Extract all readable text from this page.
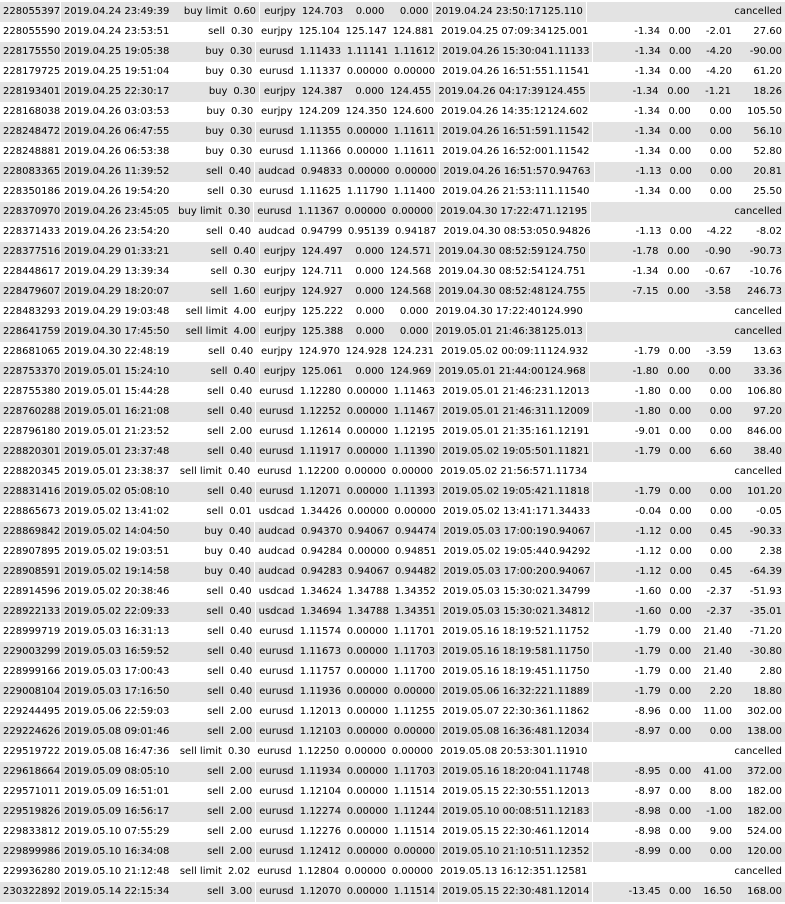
228055397 2019.04.24 23:49:39	buy limit 0.60 eurjpy 124.703	0.000	0.000 2019.04.24 23:50:17 125.110	cancelled
228055590 2019.04.24 23:53:51	sell 0.30 eurjpy 125.104 125.147 124.881 2019.04.25 07:09:34 125.001	-1.34 0.00	-2.01	27.60
228175550 2019.04.25 19:05:38	buy 0.30 eurusd 1.11433 1.11141 1.11612 2019.04.26 15:30:04 1.11133	-1.34 0.00	-4.20	-90.00
228179725 2019.04.25 19:51:04	buy 0.30 eurusd 1.11337 0.00000 0.00000 2019.04.26 16:51:55 1.11541	-1.34 0.00	-4.20	61.20
228193401 2019.04.25 22:30:17	buy 0.30 eurjpy 124.387	0.000 124.455 2019.04.26 04:17:39 124.455	-1.34 0.00	-1.21	18.26
228168038 2019.04.26 03:03:53	buy 0.30 eurjpy 124.209 124.350 124.600 2019.04.26 14:35:12 124.602	-1.34 0.00	0.00	105.50
228248472 2019.04.26 06:47:55	buy 0.30 eurusd 1.11355 0.00000 1.11611 2019.04.26 16:51:59 1.11542	-1.34 0.00	0.00	56.10
228248881 2019.04.26 06:53:38	buy 0.30 eurusd 1.11366 0.00000 1.11611 2019.04.26 16:52:00 1.11542	-1.34 0.00	0.00	52.80
228083365 2019.04.26 11:39:52	sell 0.40 audcad 0.94833 0.00000 0.00000 2019.04.26 16:51:57 0.94763	-1.13 0.00	0.00	20.81
228350186 2019.04.26 19:54:20	sell 0.30 eurusd 1.11625 1.11790 1.11400 2019.04.26 21:53:11 1.11540	-1.34 0.00	0.00	25.50
228370970 2019.04.26 23:45:05 buy limit 0.30 eurusd 1.11367 0.00000 0.00000 2019.04.30 17:22:47 1.12195	cancelled
228371433 2019.04.26 23:54:20	sell 0.40 audcad 0.94799 0.95139 0.94187 2019.04.30 08:53:05 0.94826	-1.13 0.00	-4.22	-8.02
228377516 2019.04.29 01:33:21	sell 0.40 eurjpy 124.497	0.000 124.571 2019.04.30 08:52:59 124.750	-1.78 0.00	-0.90	-90.73
228448617 2019.04.29 13:39:34	sell 0.30 eurjpy 124.711	0.000 124.568 2019.04.30 08:52:54 124.751	-1.34 0.00	-0.67	-10.76
228479607 2019.04.29 18:20:07	sell 1.60 eurjpy 124.927	0.000 124.568 2019.04.30 08:52:48 124.755	-7.15 0.00	-3.58	246.73
228483293 2019.04.29 19:03:48	sell limit 4.00 eurjpy 125.222	0.000	0.000 2019.04.30 17:22:40 124.990	cancelled
228641759 2019.04.30 17:45:50	sell limit 4.00 eurjpy 125.388	0.000	0.000 2019.05.01 21:46:38 125.013	cancelled
228681065 2019.04.30 22:48:19	sell 0.40 eurjpy 124.970 124.928 124.231 2019.05.02 00:09:11 124.932	-1.79 0.00	-3.59	13.63
228753370 2019.05.01 15:24:10	sell 0.40 eurjpy 125.061	0.000 124.969 2019.05.01 21:44:00 124.968	-1.80 0.00	0.00	33.36
228755380 2019.05.01 15:44:28	sell 0.40 eurusd 1.12280 0.00000 1.11463 2019.05.01 21:46:23 1.12013	-1.80 0.00	0.00	106.80
228760288 2019.05.01 16:21:08	sell 0.40 eurusd 1.12252 0.00000 1.11467 2019.05.01 21:46:31 1.12009	-1.80 0.00	0.00	97.20
228796180 2019.05.01 21:23:52	sell 2.00 eurusd 1.12614 0.00000 1.12195 2019.05.01 21:35:16 1.12191	-9.01 0.00	0.00	846.00
228820301 2019.05.01 23:37:48	sell 0.40 eurusd 1.11917 0.00000 1.11390 2019.05.02 19:05:50 1.11821	-1.79 0.00	6.60	38.40
228820345 2019.05.01 23:38:37	sell limit 0.40 eurusd 1.12200 0.00000 0.00000 2019.05.02 21:56:57 1.11734	cancelled
228831416 2019.05.02 05:08:10	sell 0.40 eurusd 1.12071 0.00000 1.11393 2019.05.02 19:05:42 1.11818	-1.79 0.00	0.00	101.20
228865673 2019.05.02 13:41:02	sell 0.01 usdcad 1.34426 0.00000 0.00000 2019.05.02 13:41:17 1.34433	-0.04 0.00	0.00	-0.05
228869842 2019.05.02 14:04:50	buy 0.40 audcad 0.94370 0.94067 0.94474 2019.05.03 17:00:19 0.94067	-1.12 0.00	0.45	-90.33
228907895 2019.05.02 19:03:51	buy 0.40 audcad 0.94284 0.00000 0.94851 2019.05.02 19:05:44 0.94292	-1.12 0.00	0.00	2.38
228908591 2019.05.02 19:14:58	buy 0.40 audcad 0.94283 0.94067 0.94482 2019.05.03 17:00:20 0.94067	-1.12 0.00	0.45	-64.39
228914596 2019.05.02 20:38:46	sell 0.40 usdcad 1.34624 1.34788 1.34352 2019.05.03 15:30:02 1.34799	-1.60 0.00	-2.37	-51.93
228922133 2019.05.02 22:09:33	sell 0.40 usdcad 1.34694 1.34788 1.34351 2019.05.03 15:30:02 1.34812	-1.60 0.00	-2.37	-35.01
228999719 2019.05.03 16:31:13	sell 0.40 eurusd 1.11574 0.00000 1.11701 2019.05.16 18:19:52 1.11752	-1.79 0.00	21.40	-71.20
229003299 2019.05.03 16:59:52	sell 0.40 eurusd 1.11673 0.00000 1.11703 2019.05.16 18:19:58 1.11750	-1.79 0.00	21.40	-30.80
228999166 2019.05.03 17:00:43	sell 0.40 eurusd 1.11757 0.00000 1.11700 2019.05.16 18:19:45 1.11750	-1.79 0.00	21.40	2.80
229008104 2019.05.03 17:16:50	sell 0.40 eurusd 1.11936 0.00000 0.00000 2019.05.06 16:32:22 1.11889	-1.79 0.00	2.20	18.80
229244495 2019.05.06 22:59:03	sell 2.00 eurusd 1.12013 0.00000 1.11255 2019.05.07 22:30:36 1.11862	-8.96 0.00	11.00	302.00
229224626 2019.05.08 09:01:46	sell 2.00 eurusd 1.12103 0.00000 0.00000 2019.05.08 16:36:48 1.12034	-8.97 0.00	0.00	138.00
229519722 2019.05.08 16:47:36	sell limit 0.30 eurusd 1.12250 0.00000 0.00000 2019.05.08 20:53:30 1.11910	cancelled
229618664 2019.05.09 08:05:10	sell 2.00 eurusd 1.11934 0.00000 1.11703 2019.05.16 18:20:04 1.11748	-8.95 0.00	41.00	372.00
229571011 2019.05.09 16:51:01	sell 2.00 eurusd 1.12104 0.00000 1.11514 2019.05.15 22:30:55 1.12013	-8.97 0.00	8.00	182.00
229519826 2019.05.09 16:56:17	sell 2.00 eurusd 1.12274 0.00000 1.11244 2019.05.10 00:08:51 1.12183	-8.98 0.00	-1.00	182.00
229833812 2019.05.10 07:55:29	sell 2.00 eurusd 1.12276 0.00000 1.11514 2019.05.15 22:30:46 1.12014	-8.98 0.00	9.00	524.00
229899986 2019.05.10 16:34:08	sell 2.00 eurusd 1.12412 0.00000 0.00000 2019.05.10 21:10:51 1.12352	-8.99 0.00	0.00	120.00
229936280 2019.05.10 21:12:48	sell limit 2.02 eurusd 1.12804 0.00000 0.00000 2019.05.13 16:12:35 1.12581	cancelled
230322892 2019.05.14 22:15:34	sell 3.00 eurusd 1.12070 0.00000 1.11514 2019.05.15 22:30:48 1.12014	-13.45 0.00	16.50	168.00
